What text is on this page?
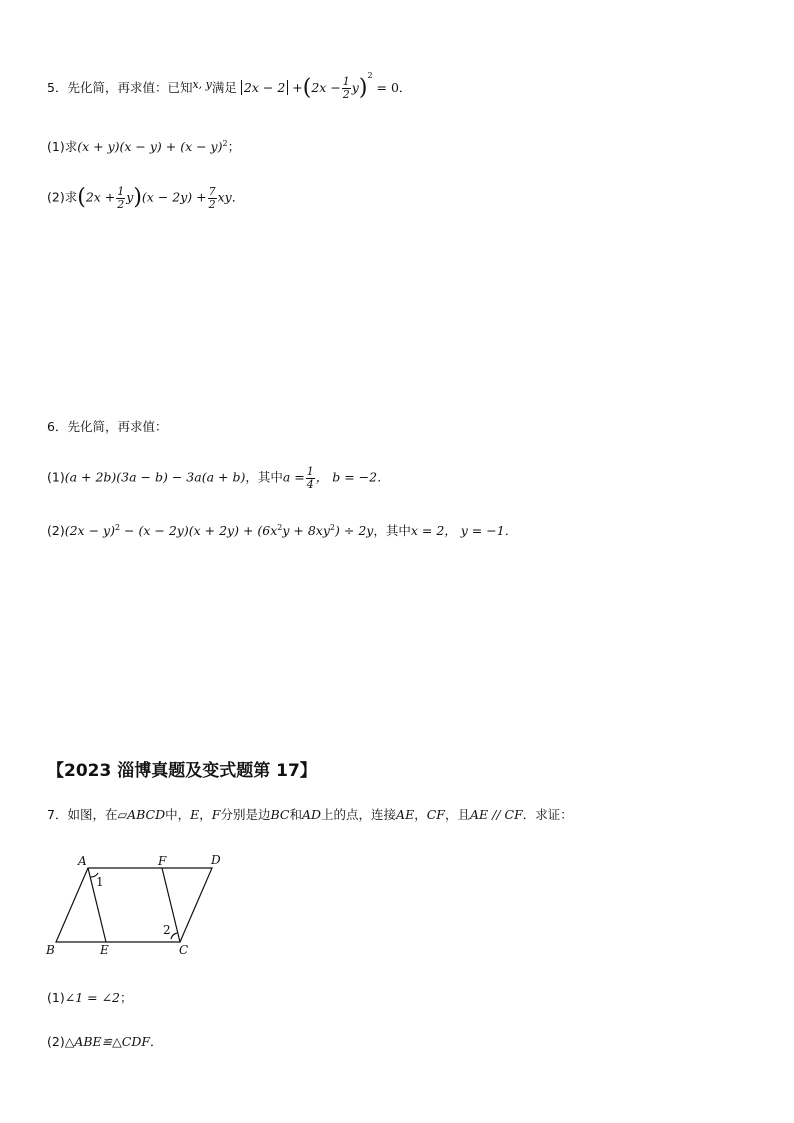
5．先化简，再求值：已知x, y满足 $2x - 2 +(2x - \frac{1}{2} y)^2 = 0$．
(1)求$(x + y)(x - y) + (x - y)^2$；
(2)求$(2x + \frac{1}{2} y)(x - 2y) + \frac{7}{2}$ xy．
6．先化简，再求值：
(1)(a + 2b)(3a − b) − 3a(a + b)，其中$a = \frac{1}{4}$ ， b = −2．
$(2)(2x - y)^2 - (x - 2y)(x + 2y) + (6x^2y + 8xy^2) \div 2y$，其中x = 2， y = −1．
【2023 淄博真题及变式题第 17】
7．如图，在▱ABCD中，E，F分别是边BC和AD上的点，连接AE，CF，且AE // CF．求证：
A	F	D
B	E	C
1
2
(1)∠1 = ∠2；
(2)△ABE≌△CDF．
